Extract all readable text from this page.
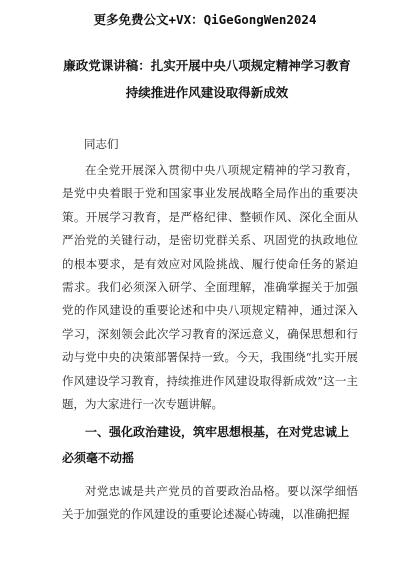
更多免费公文+VX：QiGeGongWen2024
廉政党课讲稿：扎实开展中央八项规定精神学习教育持续推进作风建设取得新成效
同志们
在全党开展深入贯彻中央八项规定精神的学习教育，是党中央着眼于党和国家事业发展战略全局作出的重要决策。开展学习教育，是严格纪律、整顿作风、深化全面从严治党的关键行动，是密切党群关系、巩固党的执政地位的根本要求，是有效应对风险挑战、履行使命任务的紧迫需求。我们必须深入研学、全面理解，准确掌握关于加强党的作风建设的重要论述和中央八项规定精神，通过深入学习，深刻领会此次学习教育的深远意义，确保思想和行动与党中央的决策部署保持一致。今天，我围绕“扎实开展作风建设学习教育，持续推进作风建设取得新成效”这一主题，为大家进行一次专题讲解。
一、强化政治建设，筑牢思想根基，在对党忠诚上必须毫不动摇
对党忠诚是共产党员的首要政治品格。要以深学细悟关于加强党的作风建设的重要论述凝心铸魂，以准确把握
